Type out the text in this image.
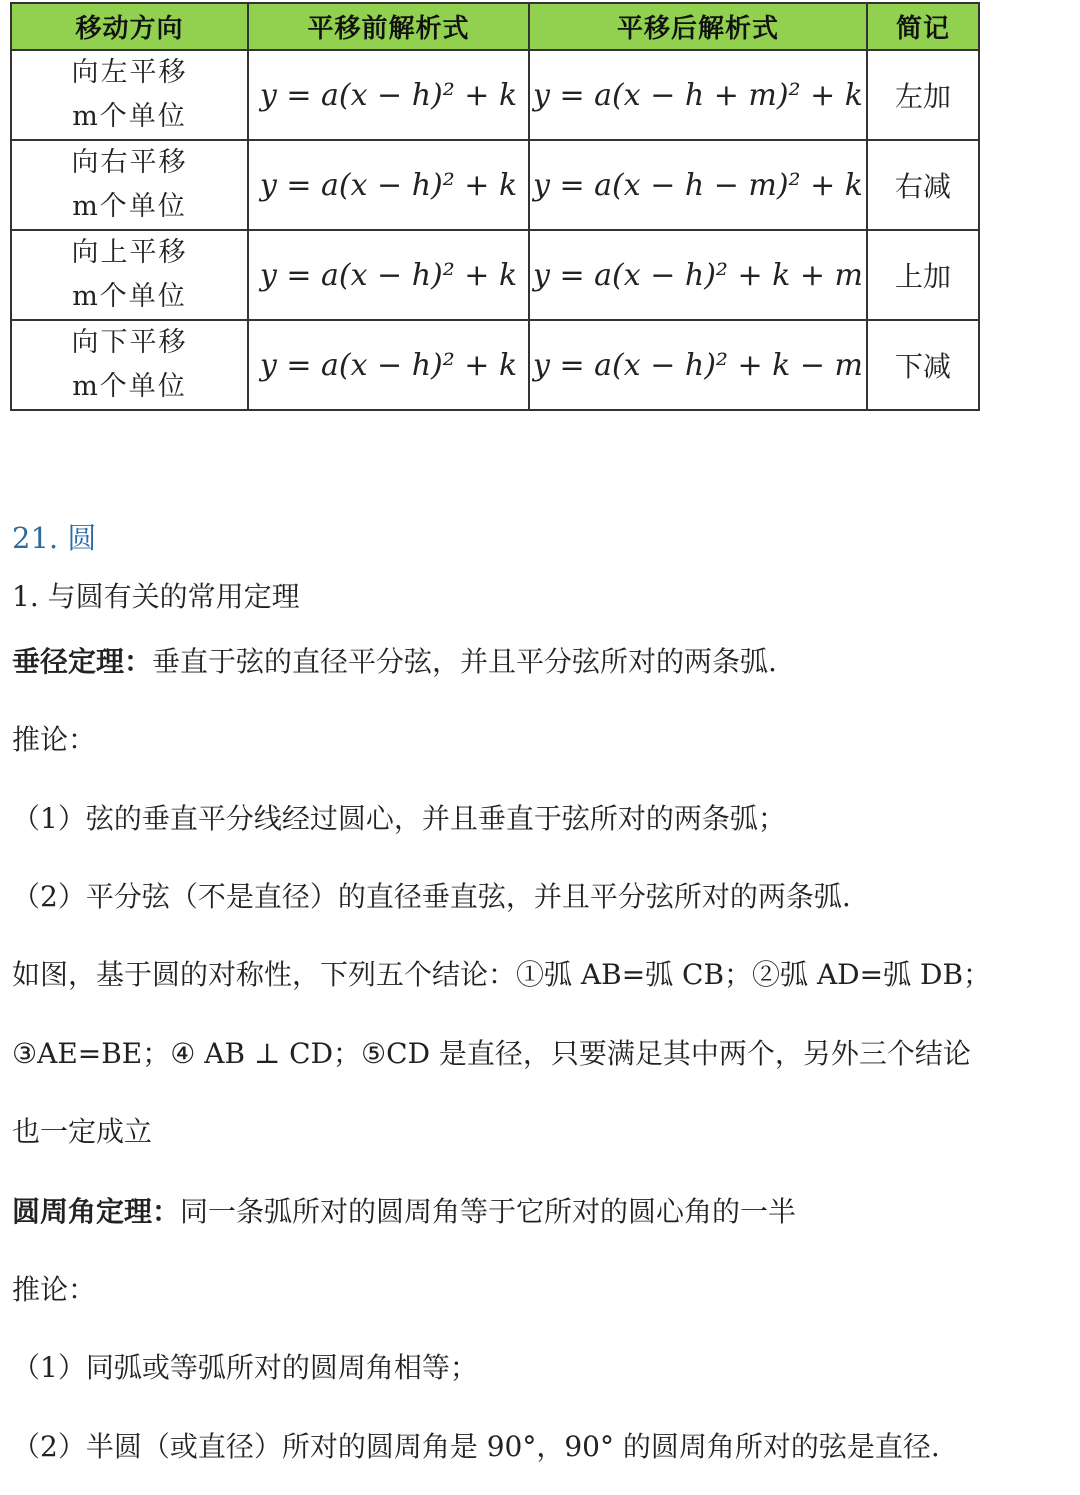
移动方向	平移前解析式	平移后解析式	简记

向左平移
m个单位	y = a(x − h)² + k	y = a(x − h + m)² + k	左加

向右平移
m个单位	y = a(x − h)² + k	y = a(x − h − m)² + k	右减

向上平移
m个单位	y = a(x − h)² + k	y = a(x − h)² + k + m	上加

向下平移
m个单位	y = a(x − h)² + k	y = a(x − h)² + k − m	下减

21. 圆

1. 与圆有关的常用定理

垂径定理：垂直于弦的直径平分弦，并且平分弦所对的两条弧.

推论：

（1）弦的垂直平分线经过圆心，并且垂直于弦所对的两条弧；

（2）平分弦（不是直径）的直径垂直弦，并且平分弦所对的两条弧.

如图，基于圆的对称性，下列五个结论：①弧 AB=弧 CB；②弧 AD=弧 DB；

③AE=BE；④ AB ⊥ CD；⑤CD 是直径，只要满足其中两个，另外三个结论

也一定成立

圆周角定理：同一条弧所对的圆周角等于它所对的圆心角的一半

推论：

（1）同弧或等弧所对的圆周角相等；

（2）半圆（或直径）所对的圆周角是 90°，90° 的圆周角所对的弦是直径.
